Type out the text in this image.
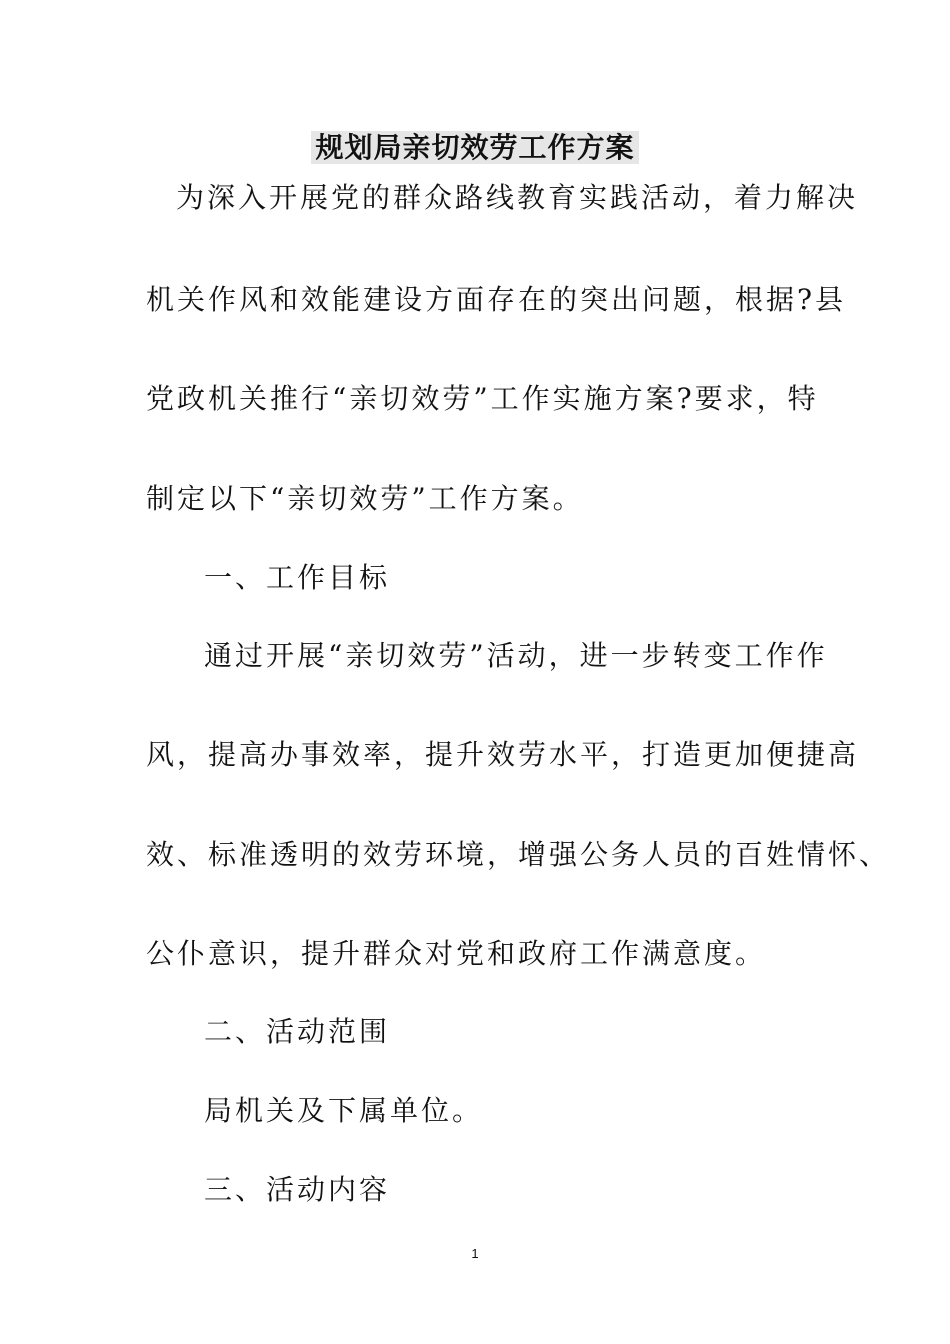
规划局亲切效劳工作方案
为深入开展党的群众路线教育实践活动，着力解决
机关作风和效能建设方面存在的突出问题，根据?县
党政机关推行“亲切效劳”工作实施方案?要求，特
制定以下“亲切效劳”工作方案。
一、工作目标
通过开展“亲切效劳”活动，进一步转变工作作
风，提高办事效率，提升效劳水平，打造更加便捷高
效、标准透明的效劳环境，增强公务人员的百姓情怀、
公仆意识，提升群众对党和政府工作满意度。
二、活动范围
局机关及下属单位。
三、活动内容
1
